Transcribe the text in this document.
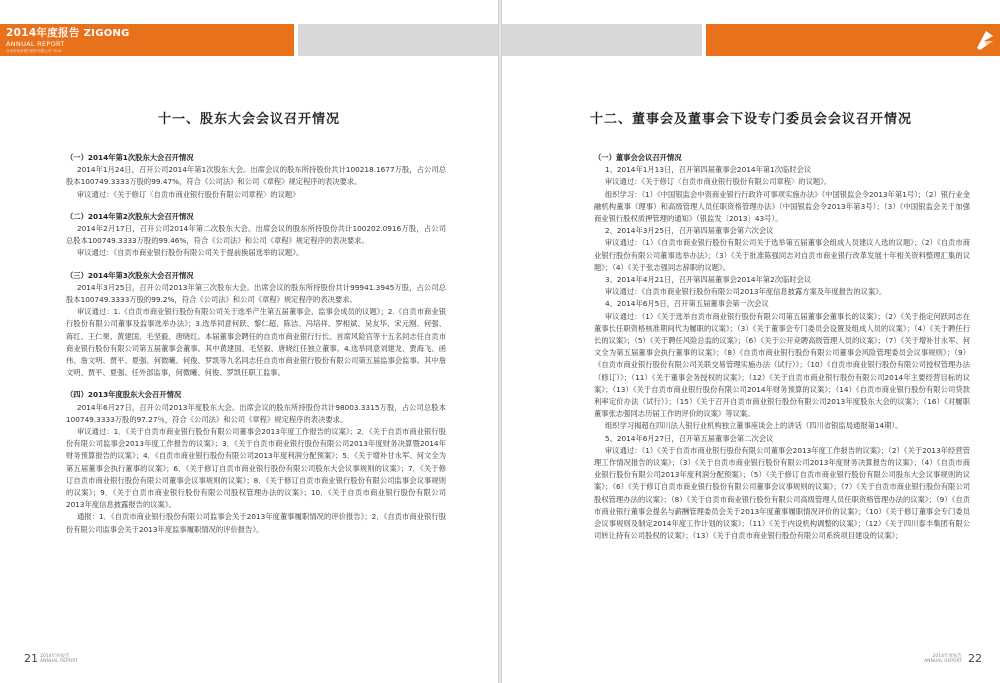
2014年度报告 ZIGONG
ANNUAL REPORT
自贡市商业银行股份有限公司 2014
十一、股东大会会议召开情况
（一）2014年第1次股东大会召开情况
2014年1月24日，召开公司2014年第1次股东大会。出席会议的股东所持股份共计100218.1677万股，占公司总股本100749.3333万股的99.47%，符合《公司法》和公司《章程》规定程序的表决要求。
审议通过：《关于修订〈自贡市商业银行股份有限公司章程〉的议题》
（二）2014年第2次股东大会召开情况
2014年2月17日，召开公司2014年第二次股东大会。出席会议的股东所持股份共计100202.0916万股，占公司总股本100749.3333万股的99.46%，符合《公司法》和公司《章程》规定程序的表决要求。
审议通过：《自贡市商业银行股份有限公司关于提前换届选举的议题》。
（三）2014年第3次股东大会召开情况
2014年3月25日，召开公司2013年第三次股东大会。出席会议的股东所持股份共计99941.3945万股，占公司总股本100749.3333万股的99.2%，符合《公司法》和公司《章程》规定程序的表决要求。
审议通过：1.《自贡市商业银行股份有限公司关于选举产生第五届董事会、监事会成员的议题》；2.《自贡市商业银行股份有限公司董事及监事选举办法》；3.选举同意何跃、黎仁超、陈洁、冯培祥、罗相斌、吴友华、宋元刚、何强、蒋红、王仁果、黄建国、毛坚毅、唐晓红。本届董事会聘任的自贡市商业银行行长、首席风险官等十五名同志任自贡市商业银行股份有限公司第五届董事会董事。其中黄建国、毛坚毅、唐晓红任独立董事。4.选举同意刘建龙、贾海飞、函伟、詹文明、贾平、夏强、何微曦、何俊、罗凯等九名同志任自贡市商业银行股份有限公司第五届监事会监事。其中詹文明、贾平、夏强、任外部监事，何微曦、何俊、罗凯任职工监事。
（四）2013年度股东大会召开情况
2014年6月27日，召开公司2013年度股东大会。出席会议的股东所持股份共计98003.3315万股，占公司总股本100749.3333万股的97.27％，符合《公司法》和公司《章程》规定程序的表决要求。
审议通过：1．《关于自贡市商业银行股份有限公司董事会2013年度工作报告的议案》；2．《关于自贡市商业银行股份有限公司监事会2013年度工作报告的议案》；3．《关于自贡市商业银行股份有限公司2013年度财务决算暨2014年财务预算报告的议案》；4．《自贡市商业银行股份有限公司2013年度利润分配预案》；5．《关于增补甘永军、何文全为第五届董事会执行董事的议案》；6．《关于修订自贡市商业银行股份有限公司股东大会议事规则的议案》；7．《关于修订自贡市商业银行股份有限公司董事会议事规则的议案》；8．《关于修订自贡市商业银行股份有限公司监事会议事规则的议案》；9．《关于自贡市商业银行股份有限公司股权管理办法的议案》；10．《关于自贡市商业银行股份有限公司2013年度信息披露报告的议案》。
通报：1．《自贡市商业银行股份有限公司监事会关于2013年度董事履职情况的评价报告》；2．《自贡市商业银行股份有限公司监事会关于2013年度监事履职情况的评价报告》。
21 2014年度报告
ANNUAL REPORT
十二、董事会及董事会下设专门委员会会议召开情况
（一）董事会会议召开情况
1、2014年1月13日，召开第四届董事会2014年第1次临时会议
审议通过：《关于修订〈自贡市商业银行股份有限公司章程〉的议题》。
组织学习：（1）《中国银监会中资商业银行行政许可事项实施办法》（中国银监会令2013年第1号）；（2）银行业金融机构董事（理事）和高级管理人员任职资格管理办法》（中国银监会令2013年第3号）；（3）《中国银监会关于加强商业银行股权质押管理的通知》（银监发〔2013〕43号）。
2、2014年3月25日，召开第四届董事会第六次会议
审议通过：（1）《自贡市商业银行股份有限公司关于选举第五届董事会组成人员建议人选的议题》；（2）《自贡市商业银行股份有限公司董事选举办法》；（3）《关于批准陈强同志对自贡市商业银行改革发展十年相关资料整理汇集的议题》；（4）《关于张志强同志辞职的议题》。
3、2014年4月21日，召开第四届董事会2014年第2次临时会议
审议通过：《自贡市商业银行股份有限公司2013年度信息披露方案及年度报告的议案》。
4、2014年6月5日，召开第五届董事会第一次会议
审议通过：（1）《关于选举自贡市商业银行股份有限公司第五届董事会董事长的议案》；（2）《关于指定何跃同志在董事长任职资格核准期间代为履职的议案》；（3）《关于董事会专门委员会设置及组成人员的议案》；（4）《关于聘任行长的议案》；（5）《关于聘任风险总监的议案》；（6）《关于公开竞聘高级管理人员的议案》；（7）《关于增补甘永军、何文全为第五届董事会执行董事的议案》；（8）《自贡市商业银行股份有限公司董事会风险管理委员会议事规则》；（9）《自贡市商业银行股份有限公司关联交易管理实施办法（试行）》；（10）《自贡市商业银行股份有限公司授权管理办法（修订）》；（11）《关于董事会务授权的议案》；（12）《关于自贡市商业银行股份有限公司2014年主要经营目标的议案》；（13）《关于自贡市商业银行股份有限公司2014年财务预算的议案》；（14）《自贡市商业银行股份有限公司贷款利率定价办法（试行）》；（15）《关于召开自贡市商业银行股份有限公司2013年度股东大会的议案》；（16）《对履职董事张志强同志历届工作的评价的议案》等议案。
组织学习揭超在四川法人银行业机构独立董事座谈会上的讲话（四川省银监局通报第14期）。
5、2014年6月27日，召开第五届董事会第二次会议
审议通过：（1）《关于自贡市商业银行股份有限公司董事会2013年度工作报告的议案》；（2）《关于2013年经营管理工作情况报告的议案》；（3）《关于自贡市商业银行股份有限公司2013年度财务决算报告的议案》；（4）《自贡市商业银行股份有限公司2013年度利润分配预案》；（5）《关于修订自贡市商业银行股份有限公司股东大会议事规则的议案》；（6）《关于修订自贡市商业银行股份有限公司董事会议事规则的议案》；（7）《关于自贡市商业银行股份有限公司股权管理办法的议案》；（8）《关于自贡市商业银行股份有限公司高级管理人员任职资格管理办法的议案》；（9）《自贡市商业银行董事会提名与薪酬管理委员会关于2013年度董事履职情况评价的议案》；（10）《关于修订董事会专门委员会议事规则及制定2014年度工作计划的议案》；（11）《关于内设机构调整的议案》；（12）《关于四川泰丰集团有限公司转让持有公司股权的议案》；（13）《关于自贡市商业银行股份有限公司系统项目建设的议案》；
22
2014年度报告
ANNUAL REPORT
